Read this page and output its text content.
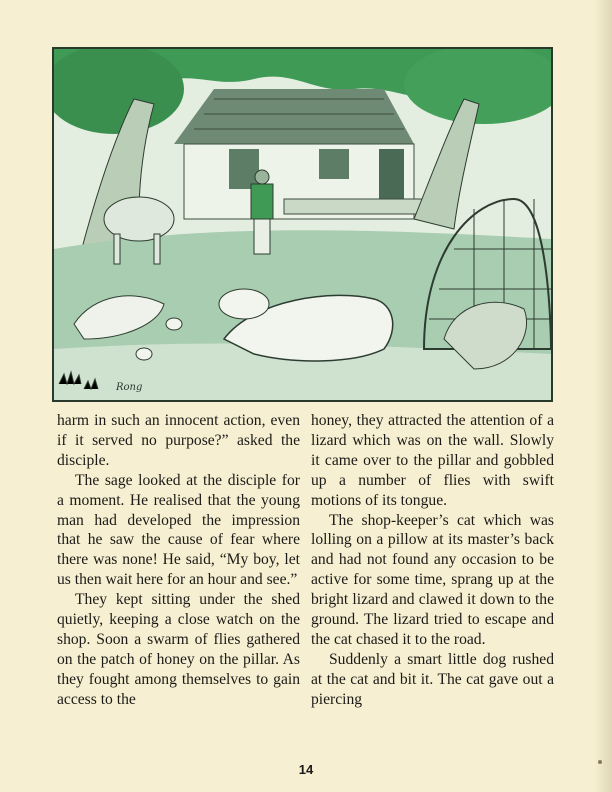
Rong

harm in such an innocent action, even if it served no purpose?” asked the disciple.

The sage looked at the disciple for a moment. He realised that the young man had developed the impression that he saw the cause of fear where there was none! He said, “My boy, let us then wait here for an hour and see.”

They kept sitting under the shed quietly, keeping a close watch on the shop. Soon a swarm of flies gathered on the patch of honey on the pillar. As they fought among themselves to gain access to the

honey, they attracted the attention of a lizard which was on the wall. Slowly it came over to the pillar and gobbled up a number of flies with swift motions of its tongue.

The shop-keeper’s cat which was lolling on a pillow at its master’s back and had not found any occasion to be active for some time, sprang up at the bright lizard and clawed it down to the ground. The lizard tried to escape and the cat chased it to the road.

Suddenly a smart little dog rushed at the cat and bit it. The cat gave out a piercing

14
